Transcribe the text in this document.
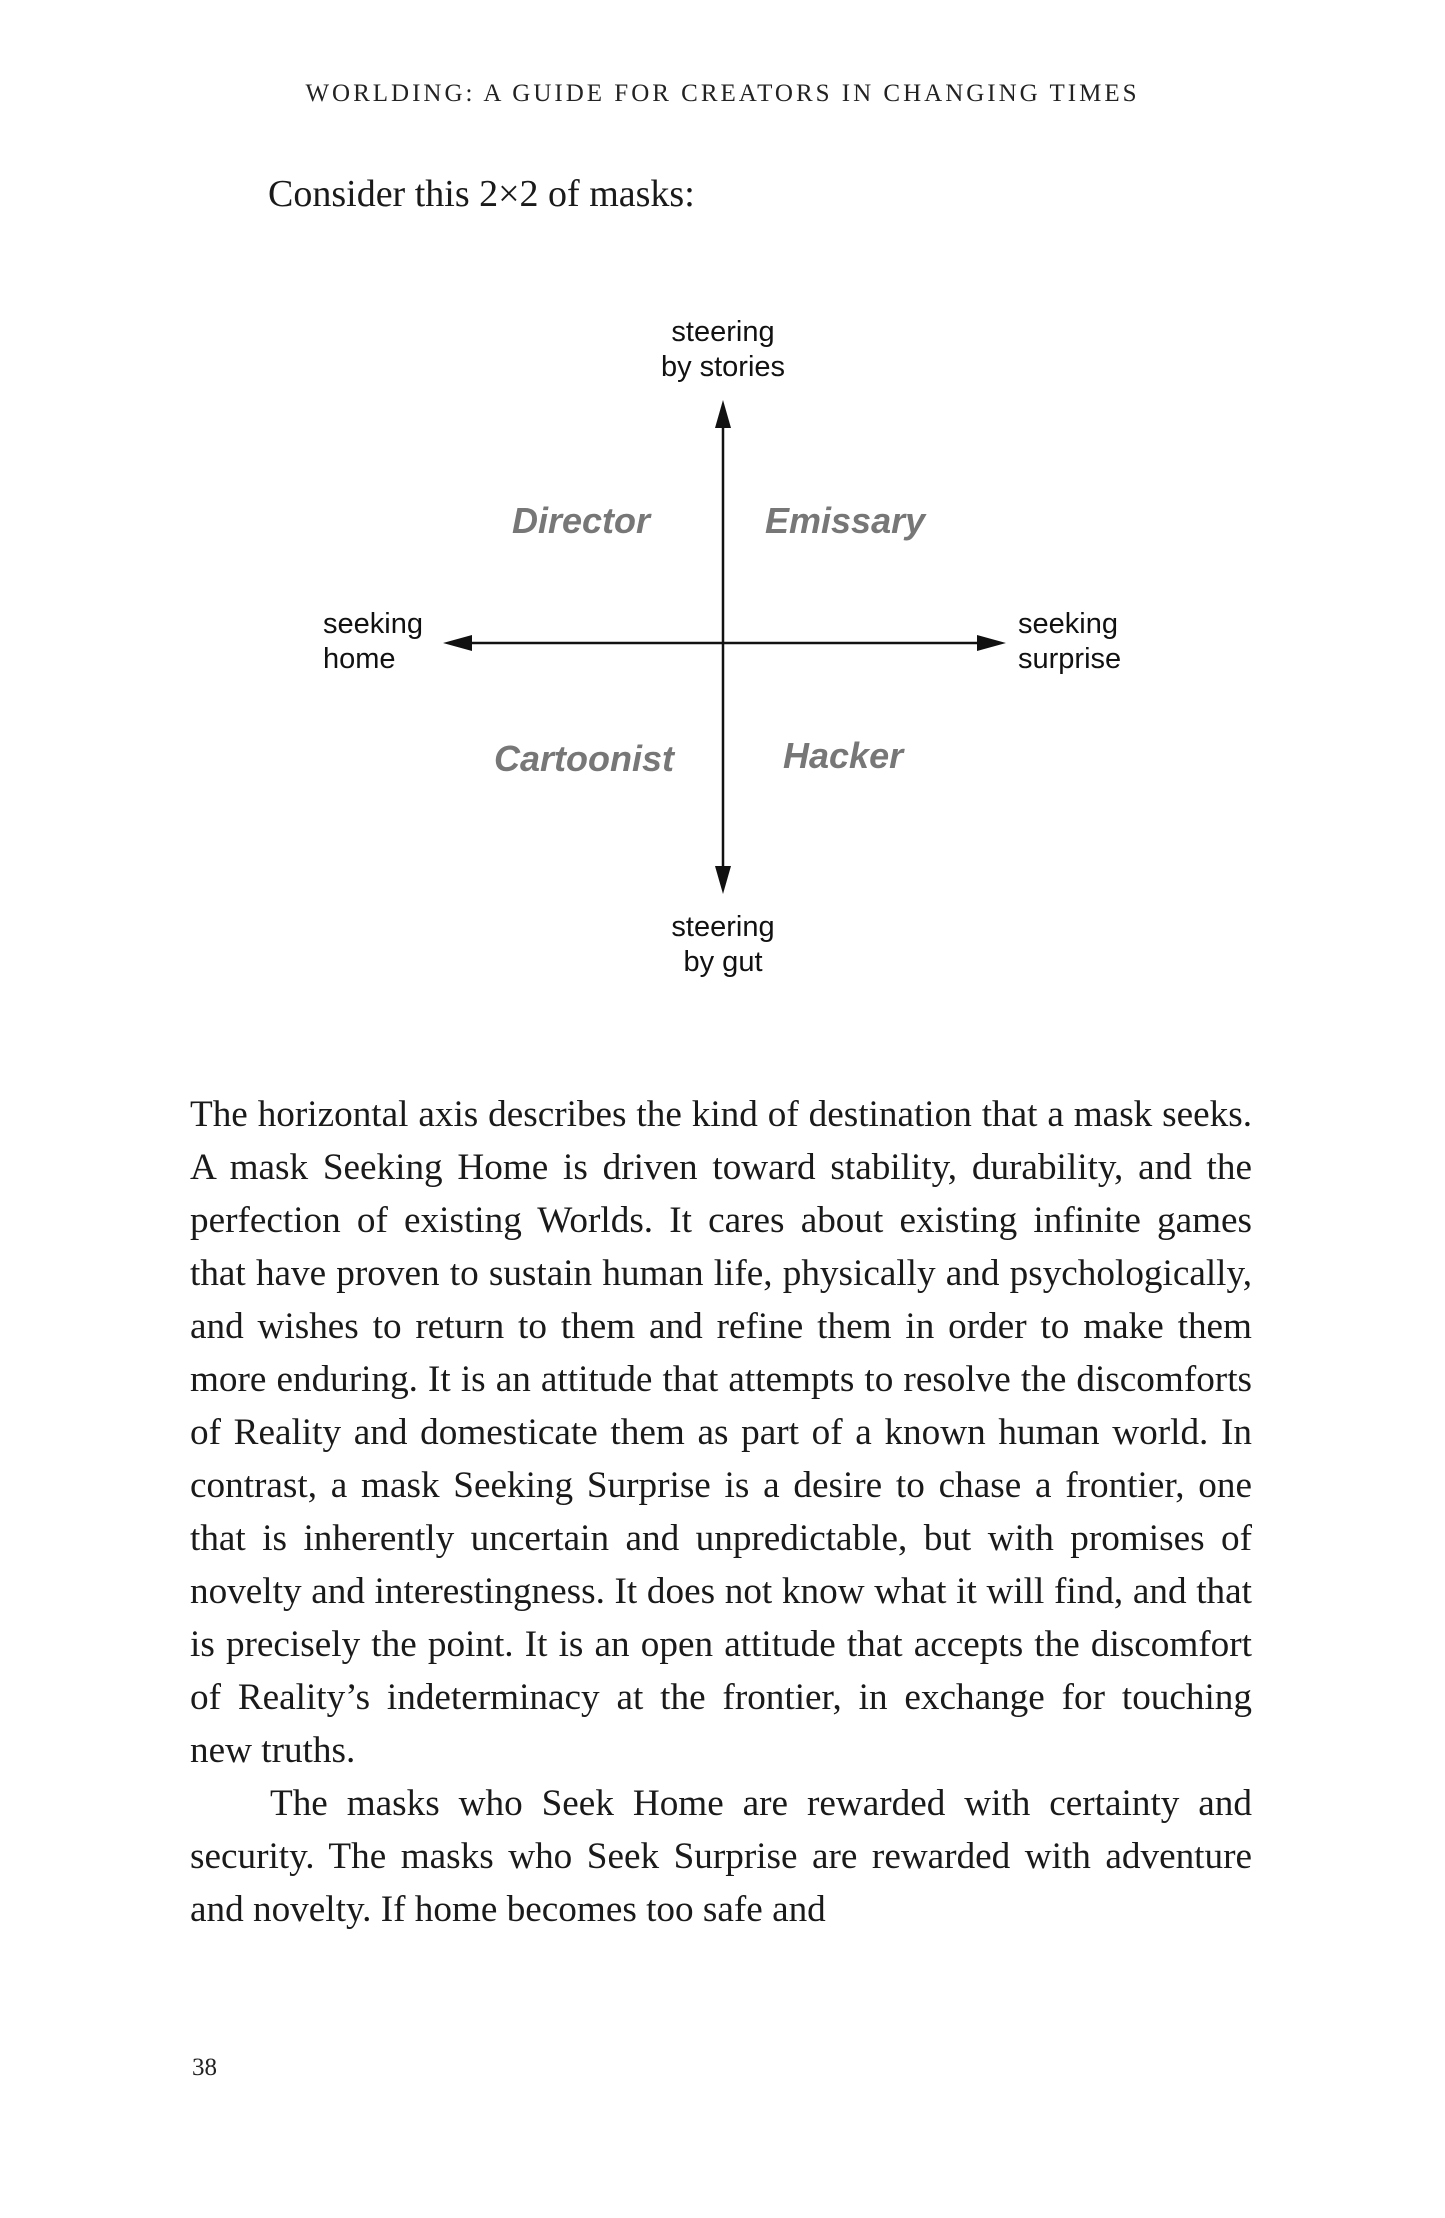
WORLDING: A GUIDE FOR CREATORS IN CHANGING TIMES
Consider this 2×2 of masks:
steering
by stories
steering
by gut
seeking
home
seeking
surprise
Director	Emissary
Cartoonist	Hacker

The horizontal axis describes the kind of destination that a mask seeks. A mask Seeking Home is driven toward stability, durability, and the perfection of existing Worlds. It cares about existing infinite games that have proven to sustain human life, physically and psychologically, and wishes to return to them and refine them in order to make them more enduring. It is an attitude that attempts to resolve the discomforts of Reality and domesticate them as part of a known human world. In contrast, a mask Seeking Surprise is a desire to chase a frontier, one that is inherently uncertain and unpredictable, but with promises of novelty and interestingness. It does not know what it will find, and that is precisely the point. It is an open attitude that accepts the discomfort of Reality’s indeterminacy at the frontier, in exchange for touching new truths.

The masks who Seek Home are rewarded with certainty and security. The masks who Seek Surprise are rewarded with adventure and novelty. If home becomes too safe and

38
